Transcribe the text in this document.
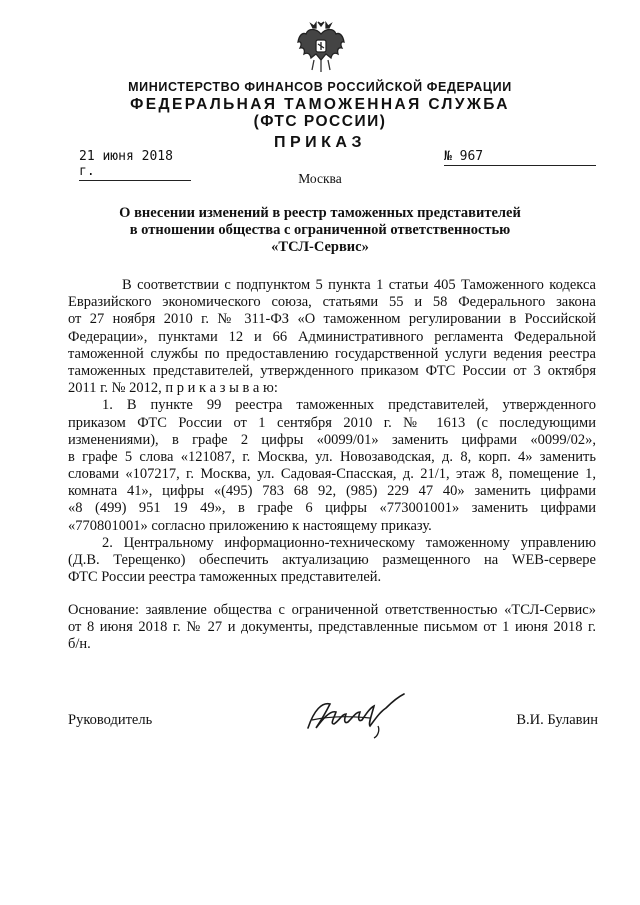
МИНИСТЕРСТВО ФИНАНСОВ РОССИЙСКОЙ ФЕДЕРАЦИИ
ФЕДЕРАЛЬНАЯ ТАМОЖЕННАЯ СЛУЖБА
(ФТС РОССИИ)
ПРИКАЗ
21 июня 2018 г.
№ 967
Москва
О внесении изменений в реестр таможенных представителей
в отношении общества с ограниченной ответственностью
«ТСЛ-Сервис»
В соответствии с подпунктом 5 пункта 1 статьи 405 Таможенного кодекса
Евразийского экономического союза, статьями 55 и 58 Федерального закона
от 27 ноября 2010 г. № 311-ФЗ «О таможенном регулировании в Российской
Федерации», пунктами 12 и 66 Административного регламента Федеральной
таможенной службы по предоставлению государственной услуги ведения реестра
таможенных представителей, утвержденного приказом ФТС России от 3 октября
2011 г. № 2012, п р и к а з ы в а ю:
1. В пункте 99 реестра таможенных представителей, утвержденного
приказом ФТС России от 1 сентября 2010 г. № 1613 (с последующими
изменениями), в графе 2 цифры «0099/01» заменить цифрами «0099/02»,
в графе 5 слова «121087, г. Москва, ул. Новозаводская, д. 8, корп. 4» заменить
словами «107217, г. Москва, ул. Садовая-Спасская, д. 21/1, этаж 8, помещение 1,
комната 41», цифры «(495) 783 68 92, (985) 229 47 40» заменить цифрами
«8 (499) 951 19 49», в графе 6 цифры «773001001» заменить цифрами
«770801001» согласно приложению к настоящему приказу.
2. Центральному информационно-техническому таможенному управлению
(Д.В. Терещенко) обеспечить актуализацию размещенного на WEB-сервере
ФТС России реестра таможенных представителей.
Основание: заявление общества с ограниченной ответственностью «ТСЛ-Сервис»
от 8 июня 2018 г. № 27 и документы, представленные письмом от 1 июня 2018 г.
б/н.
Руководитель	В.И. Булавин
